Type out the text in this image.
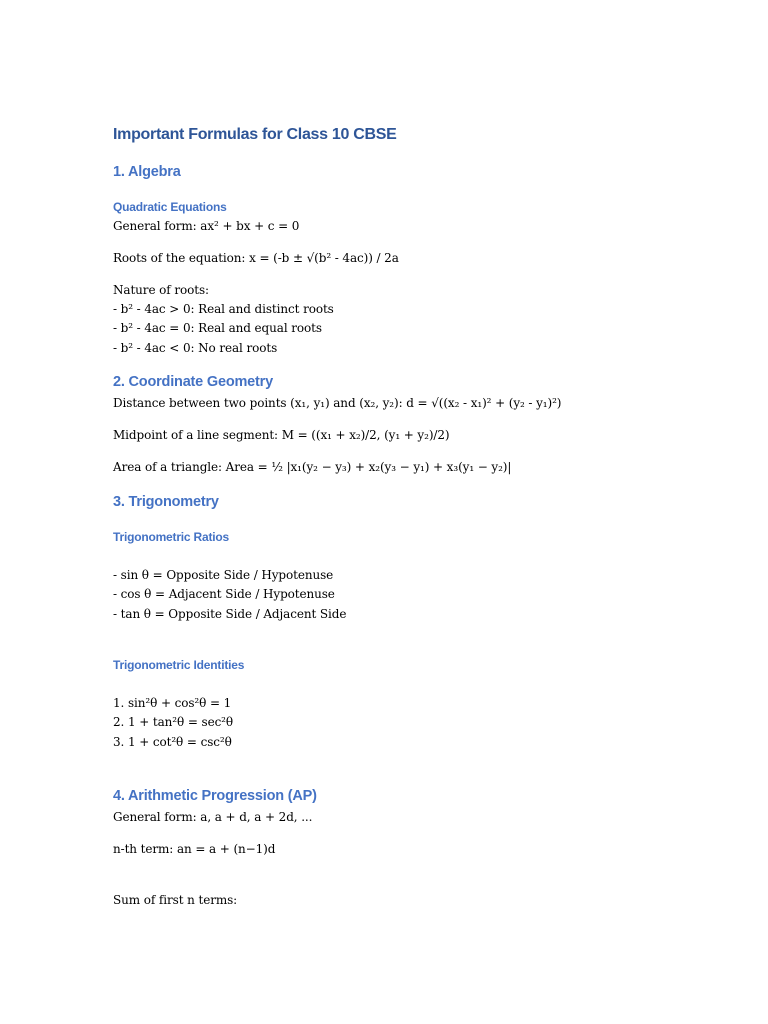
Important Formulas for Class 10 CBSE
1. Algebra
Quadratic Equations

General form: ax² + bx + c = 0

Roots of the equation: x = (-b ± √(b² - 4ac)) / 2a

Nature of roots:

- b² - 4ac > 0: Real and distinct roots

- b² - 4ac = 0: Real and equal roots

- b² - 4ac < 0: No real roots

2. Coordinate Geometry

Distance between two points (x₁, y₁) and (x₂, y₂): d = √((x₂ - x₁)² + (y₂ - y₁)²)

Midpoint of a line segment: M = ((x₁ + x₂)/2, (y₁ + y₂)/2)

Area of a triangle: Area = ½ |x₁(y₂ − y₃) + x₂(y₃ − y₁) + x₃(y₁ − y₂)|

3. Trigonometry
Trigonometric Ratios

- sin θ = Opposite Side / Hypotenuse

- cos θ = Adjacent Side / Hypotenuse

- tan θ = Opposite Side / Adjacent Side

Trigonometric Identities

1. sin²θ + cos²θ = 1

2. 1 + tan²θ = sec²θ

3. 1 + cot²θ = csc²θ

4. Arithmetic Progression (AP)

General form: a, a + d, a + 2d, ...

n-th term: an = a + (n−1)d

Sum of first n terms:
